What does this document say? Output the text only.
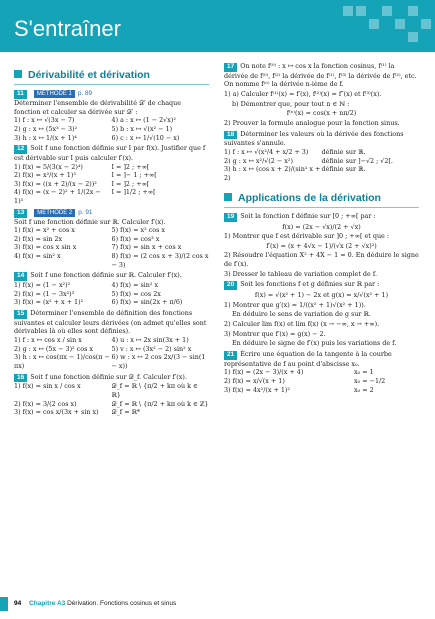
S'entraîner
Dérivabilité et dérivation
11 MÉTHODE 1 p. 89
Déterminer l'ensemble de dérivabilité 𝒟′ de chaque fonction et calculer sa dérivée sur 𝒟′ :
1) f : x ↦ √(3x − 7)	4) a : x ↦ (1 − 2√x)²
2) g : x ↦ (5x³ − 3)²	5) b : x ↦ √(x² − 1)
3) h : x ↦ 1/(x + 1)⁴	6) c : x ↦ 1/√(10 − x)
12 Soit f une fonction définie sur I par f(x). Justifier que f est dérivable sur I puis calculer f′(x).
1) f(x) = 5/(3(x − 2)⁴)	I = ]2 ; +∞[
2) f(x) = x²/(x + 1)³	I = ]− 1 ; +∞[
3) f(x) = ((x + 2)/(x − 2))²	I = ]2 ; +∞[
4) f(x) = (x − 2)² + 1/(2x − 1)³
I = ]1/2 ; +∞[
13 MÉTHODE 2 p. 91
Soit f une fonction définie sur ℝ. Calculer f′(x).
1) f(x) = x² + cos x	5) f(x) = x² cos x
2) f(x) = sin 2x	6) f(x) = cos³ x
3) f(x) = cos x sin x	7) f(x) = sin x + cos x
4) f(x) = sin² x	8) f(x) = (2 cos x + 3)/(2 cos x − 3)
14 Soit f une fonction définie sur ℝ. Calculer f′(x).
1) f(x) = (1 − x²)²	4) f(x) = sin² x
2) f(x) = (1 − 3x²)³	5) f(x) = cos 2x
3) f(x) = (x² + x + 1)²	6) f(x) = sin(2x + π/6)
15 Déterminer l'ensemble de définition des fonctions suivantes et calculer leurs dérivées (on admet qu'elles sont dérivables là où elles sont définies).
1) f : x ↦ cos x / sin x	4) u : x ↦ 2x sin(3x + 1)
2) g : x ↦ (5x − 3)² cos x	5) v : x ↦ (3x² − 2) sin² x
3) h : x ↦ cos(πx − 1)/cos(π − πx)
6) w : x ↦ 2 cos 2x/(3 − sin(1 − x))
16 Soit f une fonction définie sur 𝒟_f. Calculer f′(x).
1) f(x) = sin x / cos x	𝒟_f = ℝ \ {π/2 + kπ où k ∈ ℝ}
2) f(x) = 3/(2 cos x)	𝒟_f = ℝ \ {π/2 + kπ où k ∈ ℤ}
3) f(x) = cos x/(3x + sin x)	𝒟_f = ℝ*
17 On note f⁽⁰⁾ : x ↦ cos x la fonction cosinus, f⁽¹⁾ la dérivée de f⁽⁰⁾, f⁽²⁾ la dérivée de f⁽¹⁾, f⁽³⁾ la dérivée de f⁽²⁾, etc. On nomme f⁽ⁿ⁾ la dérivée n-ième de f.
1) a) Calculer f⁽¹⁾(x) = f′(x), f⁽²⁾(x) = f″(x) et f⁽³⁾(x).
b) Démontrer que, pour tout n ∈ ℕ :
f⁽ⁿ⁾(x) = cos(x + nπ/2)
2) Prouver la formule analogue pour la fonction sinus.
18 Déterminer les valeurs où la dérivée des fonctions suivantes s'annule.
1) f : x ↦ √(x²/4 + x/2 + 3)	définie sur ℝ.
2) g : x ↦ x²/√(2 − x²)	définie sur ]−√2 ; √2[.
3) h : x ↦ (cos x + 2)/(sin² x + 2)
définie sur ℝ.
Applications de la dérivation
19 Soit la fonction f définie sur [0 ; +∞[ par :
f(x) = (2x − √x)/(2 + √x)
1) Montrer que f est dérivable sur ]0 ; +∞[ et que :
f′(x) = (x + 4√x − 1)/(√x (2 + √x)²)
2) Résoudre l'équation X² + 4X − 1 = 0. En déduire le signe de f′(x).
3) Dresser le tableau de variation complet de f.
20 Soit les fonctions f et g définies sur ℝ par :
f(x) = √(x² + 1) − 2x et g(x) = x/√(x² + 1)
1) Montrer que g′(x) = 1/((x² + 1)√(x² + 1)).
En déduire le sens de variation de g sur ℝ.
2) Calculer lim f(x) et lim f(x) (x → −∞, x → +∞).
3) Montrer que f′(x) = g(x) − 2.
En déduire le signe de f′(x) puis les variations de f.
21 Écrire une équation de la tangente à la courbe représentative de f au point d'abscisse x₀.
1) f(x) = (2x − 3)/(x + 4)	x₀ = 1
2) f(x) = x/√(x + 1)	x₀ = −1/2
3) f(x) = 4x²/(x + 1)²	x₀ = 2
94 Chapitre A3 Dérivation. Fonctions cosinus et sinus
